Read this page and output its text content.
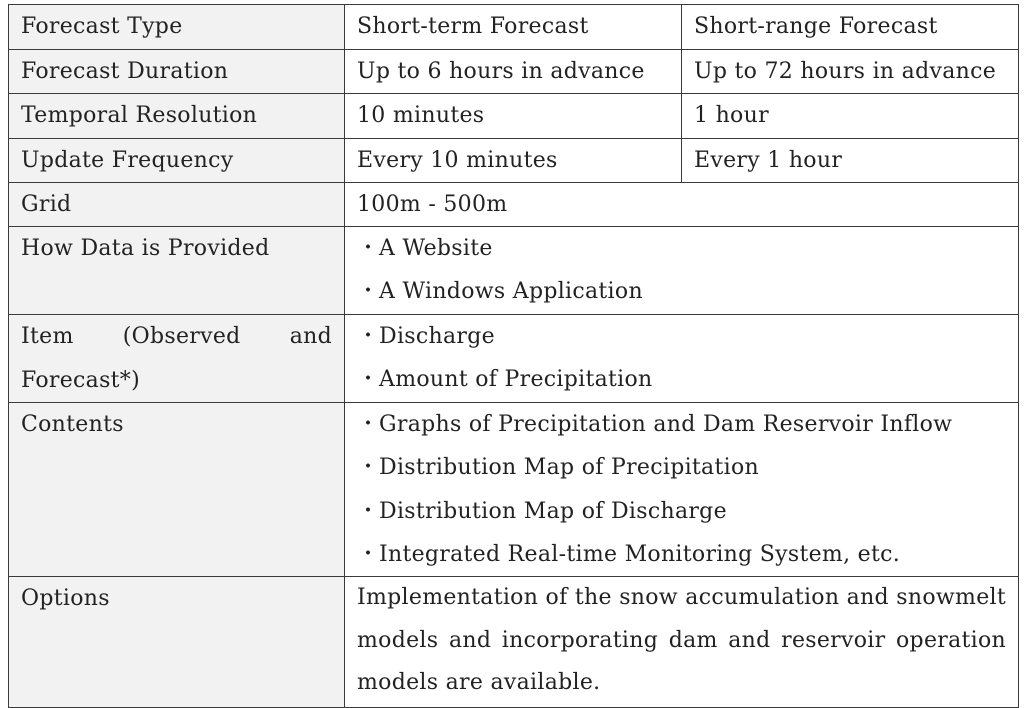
Forecast Type	Short-term Forecast	Short-range Forecast

Forecast Duration	Up to 6 hours in advance	Up to 72 hours in advance

Temporal Resolution	10 minutes	1 hour

Update Frequency	Every 10 minutes	Every 1 hour

Grid	100m - 500m	

How Data is Provided	・A Website
・A Windows Application	

Item　(Observed　and
Forecast*)	・Discharge
・Amount of Precipitation	

Contents	・Graphs of Precipitation and Dam Reservoir Inflow
・Distribution Map of Precipitation
・Distribution Map of Discharge
・Integrated Real-time Monitoring System, etc.	

Options	Implementation of the snow accumulation and snowmelt
models and incorporating dam and reservoir operation
models are available.	
